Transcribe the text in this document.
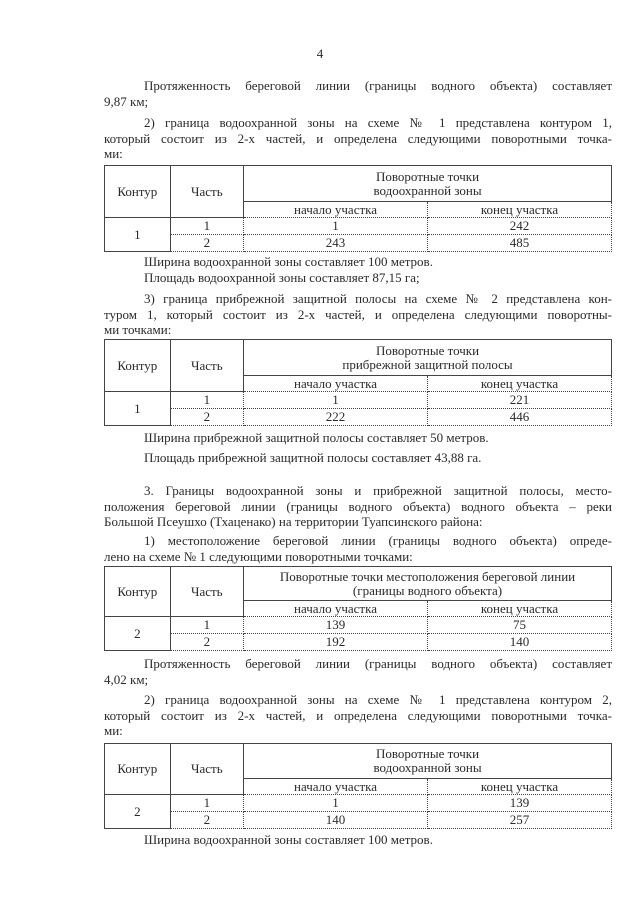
4
Протяженность береговой линии (границы водного объекта) составляет
9,87 км;
2) граница водоохранной зоны на схеме № 1 представлена контуром 1,
который состоит из 2-х частей, и определена следующими поворотными точка-
ми:
Контур	Часть	Поворотные точки
водоохранной зоны	
		начало участка	конец участка
1	1	1	242
	2	243	485
Ширина водоохранной зоны составляет 100 метров.
Площадь водоохранной зоны составляет 87,15 га;
3) граница прибрежной защитной полосы на схеме № 2 представлена кон-
туром 1, который состоит из 2-х частей, и определена следующими поворотны-
ми точками:
Контур	Часть	Поворотные точки
прибрежной защитной полосы	
		начало участка	конец участка
1	1	1	221
	2	222	446
Ширина прибрежной защитной полосы составляет 50 метров.
Площадь прибрежной защитной полосы составляет 43,88 га.
3. Границы водоохранной зоны и прибрежной защитной полосы, место-
положения береговой линии (границы водного объекта) водного объекта – реки
Большой Псеушхо (Тхаценако) на территории Туапсинского района:
1) местоположение береговой линии (границы водного объекта) опреде-
лено на схеме № 1 следующими поворотными точками:
Контур	Часть	Поворотные точки местоположения береговой линии
(границы водного объекта)	
		начало участка	конец участка
2	1	139	75
	2	192	140
Протяженность береговой линии (границы водного объекта) составляет
4,02 км;
2) граница водоохранной зоны на схеме № 1 представлена контуром 2,
который состоит из 2-х частей, и определена следующими поворотными точка-
ми:
Контур	Часть	Поворотные точки
водоохранной зоны	
		начало участка	конец участка
2	1	1	139
	2	140	257
Ширина водоохранной зоны составляет 100 метров.
